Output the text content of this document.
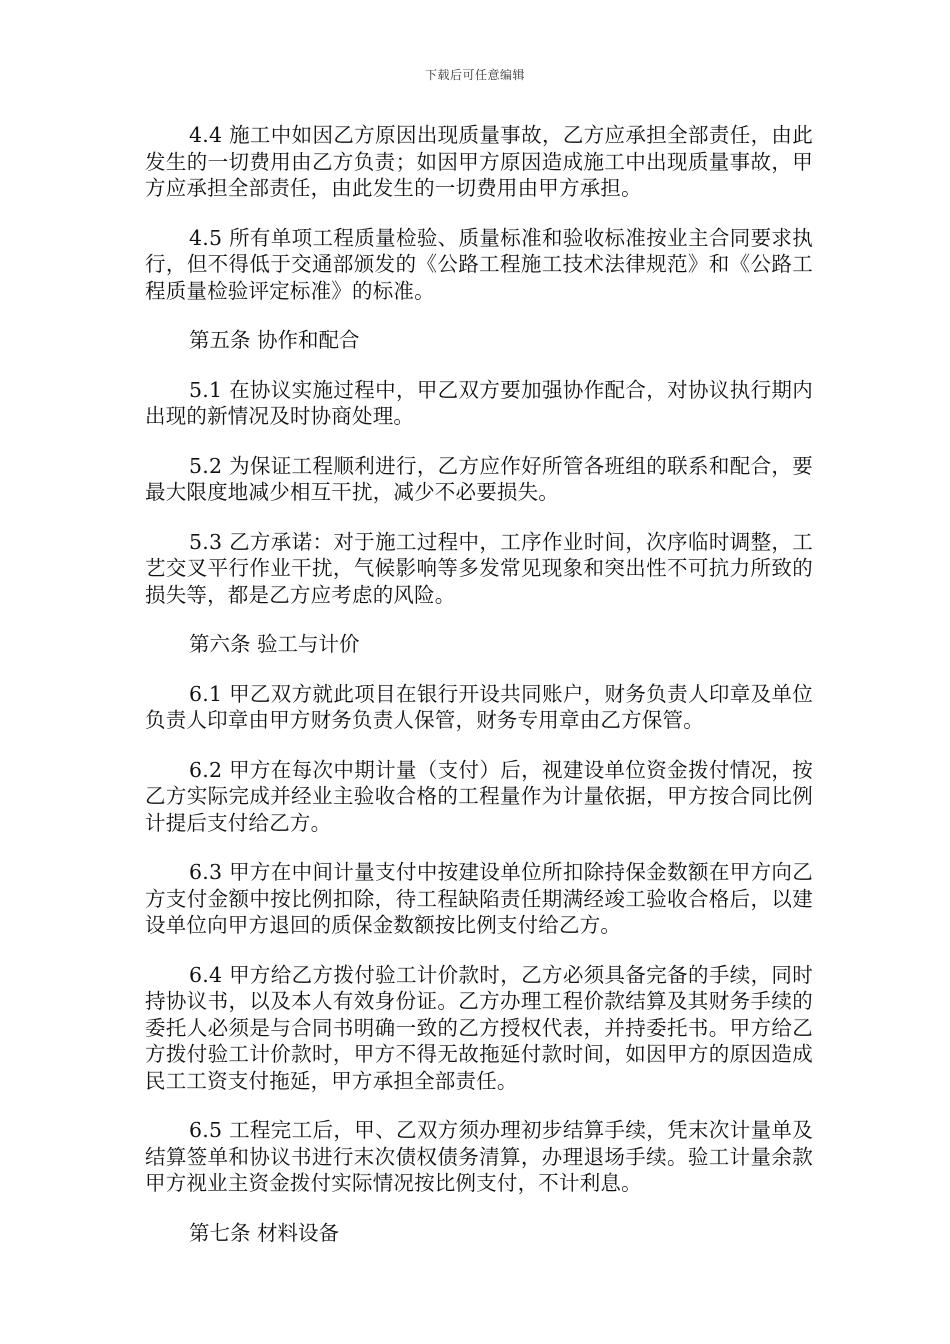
下载后可任意编辑

4.4 施工中如因乙方原因出现质量事故，乙方应承担全部责任，由此发生的一切费用由乙方负责；如因甲方原因造成施工中出现质量事故，甲方应承担全部责任，由此发生的一切费用由甲方承担。

4.5 所有单项工程质量检验、质量标准和验收标准按业主合同要求执行，但不得低于交通部颁发的《公路工程施工技术法律规范》和《公路工程质量检验评定标准》的标准。

第五条 协作和配合

5.1 在协议实施过程中，甲乙双方要加强协作配合，对协议执行期内出现的新情况及时协商处理。

5.2 为保证工程顺利进行，乙方应作好所管各班组的联系和配合，要最大限度地减少相互干扰，减少不必要损失。

5.3 乙方承诺：对于施工过程中，工序作业时间，次序临时调整，工艺交叉平行作业干扰，气候影响等多发常见现象和突出性不可抗力所致的损失等，都是乙方应考虑的风险。

第六条 验工与计价

6.1 甲乙双方就此项目在银行开设共同账户，财务负责人印章及单位负责人印章由甲方财务负责人保管，财务专用章由乙方保管。

6.2 甲方在每次中期计量（支付）后，视建设单位资金拨付情况，按乙方实际完成并经业主验收合格的工程量作为计量依据，甲方按合同比例计提后支付给乙方。

6.3 甲方在中间计量支付中按建设单位所扣除持保金数额在甲方向乙方支付金额中按比例扣除，待工程缺陷责任期满经竣工验收合格后，以建设单位向甲方退回的质保金数额按比例支付给乙方。

6.4 甲方给乙方拨付验工计价款时，乙方必须具备完备的手续，同时持协议书，以及本人有效身份证。乙方办理工程价款结算及其财务手续的委托人必须是与合同书明确一致的乙方授权代表，并持委托书。甲方给乙方拨付验工计价款时，甲方不得无故拖延付款时间，如因甲方的原因造成民工工资支付拖延，甲方承担全部责任。

6.5 工程完工后，甲、乙双方须办理初步结算手续，凭末次计量单及结算签单和协议书进行末次债权债务清算，办理退场手续。验工计量余款甲方视业主资金拨付实际情况按比例支付，不计利息。

第七条 材料设备
